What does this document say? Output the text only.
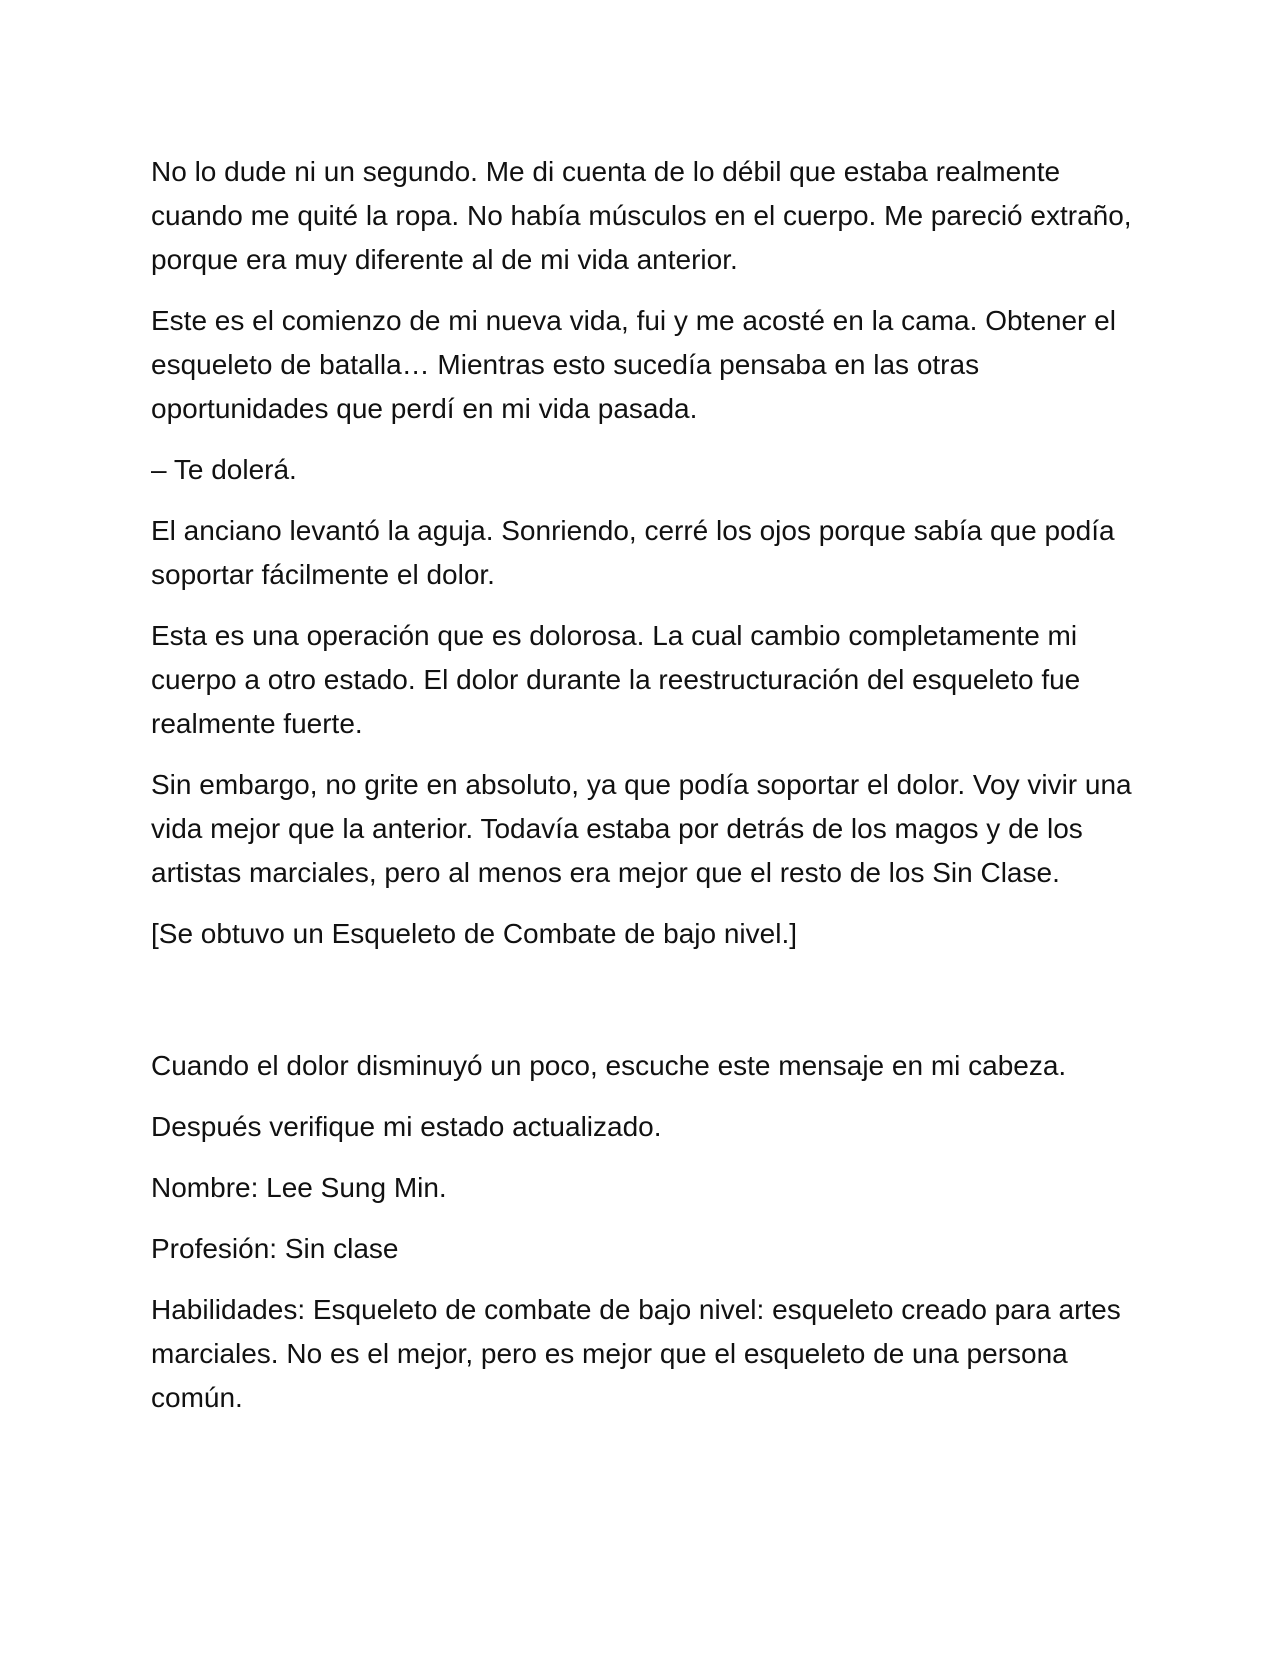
No lo dude ni un segundo. Me di cuenta de lo débil que estaba realmente cuando me quité la ropa. No había músculos en el cuerpo. Me pareció extraño, porque era muy diferente al de mi vida anterior.

Este es el comienzo de mi nueva vida, fui y me acosté en la cama. Obtener el esqueleto de batalla… Mientras esto sucedía pensaba en las otras oportunidades que perdí en mi vida pasada.

– Te dolerá.

El anciano levantó la aguja. Sonriendo, cerré los ojos porque sabía que podía soportar fácilmente el dolor.

Esta es una operación que es dolorosa. La cual cambio completamente mi cuerpo a otro estado. El dolor durante la reestructuración del esqueleto fue realmente fuerte.

Sin embargo, no grite en absoluto, ya que podía soportar el dolor. Voy vivir una vida mejor que la anterior. Todavía estaba por detrás de los magos y de los artistas marciales, pero al menos era mejor que el resto de los Sin Clase.

[Se obtuvo un Esqueleto de Combate de bajo nivel.]

Cuando el dolor disminuyó un poco, escuche este mensaje en mi cabeza.

Después verifique mi estado actualizado.

Nombre: Lee Sung Min.

Profesión: Sin clase

Habilidades: Esqueleto de combate de bajo nivel: esqueleto creado para artes marciales. No es el mejor, pero es mejor que el esqueleto de una persona común.
